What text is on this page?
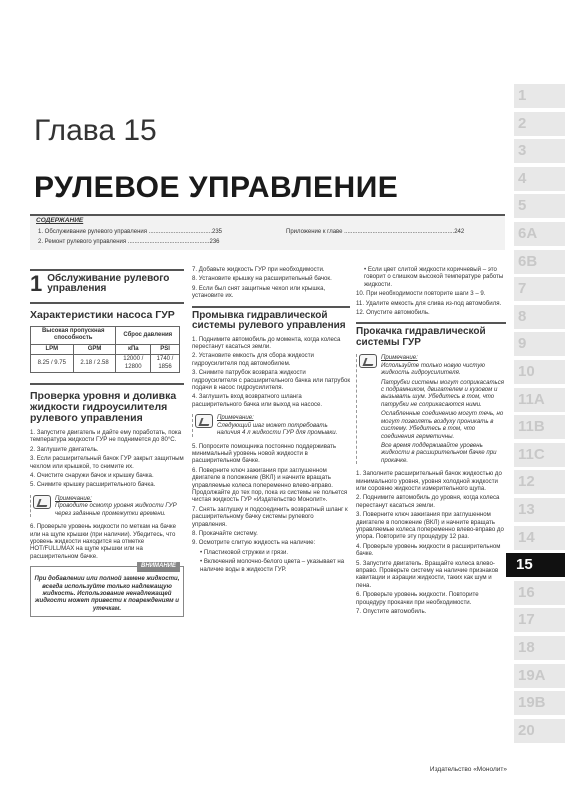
Глава 15
РУЛЕВОЕ УПРАВЛЕНИЕ
СОДЕРЖАНИЕ
1. Обслуживание рулевого управления ......................................235
2. Ремонт рулевого управления .................................................236
Приложение к главе ..................................................................242
1
2
3
4
5
6A
6B
7
8
9
10
11A
11B
11C
12
13
14
15
16
17
18
19A
19B
20
1 Обслуживание рулевого управления
Характеристики насоса ГУР
Высокая пропускная способность		Сброс давления	
LPM	GPM	кПа	PSI
8.25 / 9.75	2.18 / 2.58	12000 / 12800	1740 / 1856
Проверка уровня и доливка жидкости гидроусилителя рулевого управления
1. Запустите двигатель и дайте ему поработать, пока температура жидкости ГУР не поднимется до 80°C.
2. Заглушите двигатель.
3. Если расширительный бачок ГУР закрыт защитным чехлом или крышкой, то снимите их.
4. Очистите снаружи бачок и крышку бачка.
5. Снимите крышку расширительного бачка.
Примечание:
Проводите осмотр уровня жидкости ГУР через заданные промежутки времени.
6. Проверьте уровень жидкости по меткам на бачке или на щупе крышки (при наличии). Убедитесь, что уровень жидкости находится на отметке HOT/FULL/MAX на щупе крышки или на расширительном бачке.
ВНИМАНИЕ
При добавлении или полной замене жидкости, всегда используйте только надлежащую жидкость. Использование ненадлежащей жидкости может привести к повреждениям и утечкам.
7. Добавьте жидкость ГУР при необходимости.
8. Установите крышку на расширительный бачок.
9. Если был снят защитные чехол или крышка, установите их.
Промывка гидравлической системы рулевого управления
1. Поднимите автомобиль до момента, когда колеса перестанут касаться земли.
2. Установите емкость для сбора жидкости гидроусилителя под автомобилем.
3. Снимите патрубок возврата жидкости гидроусилителя с расширительного бачка или патрубок подачи в насос гидроусилителя.
4. Заглушить вход возвратного шланга расширительного бачка или выход на насосе.
Примечание:
Следующий шаг может потребовать наличия 4 л жидкости ГУР для промывки.
5. Попросите помощника постоянно поддерживать минимальный уровень новой жидкости в расширительном бачке.
6. Поверните ключ зажигания при заглушенном двигателе в положение (ВКЛ) и начните вращать управляемые колеса попеременно влево-вправо. Продолжайте до тех пор, пока из системы не польется чистая жидкость ГУР «Издательство Монолит».
7. Снять заглушку и подсоединить возвратный шланг к расширительному бачку системы рулевого управления.
8. Прокачайте систему.
9. Осмотрите слитую жидкость на наличие:
• Пластиковой стружки и грязи.
• Включений молочно-белого цвета – указывает на наличие воды в жидкости ГУР.
• Если цвет слитой жидкости коричневый – это говорит о слишком высокой температуре работы жидкости.
10. При необходимости повторите шаги 3 – 9.
11. Удалите емкость для слива из-под автомобиля.
12. Опустите автомобиль.
Прокачка гидравлической системы ГУР
Примечание:
Используйте только новую чистую жидкость гидроусилителя.
Патрубки системы могут соприкасаться с подрамником, двигателем и кузовом и вызывать шум. Убедитесь в том, что патрубки не соприкасаются ними.
Ослабленные соединению могут течь, но могут позволять воздуху проникать в систему. Убедитесь в том, что соединения герметичны.
Все время поддерживайте уровень жидкости в расширительном бачке при прокачке.
1. Заполните расширительный бачок жидкостью до минимального уровня, уровня холодной жидкости или соровню жидкости измерительного щупа.
2. Поднимите автомобиль до уровня, когда колеса перестанут касаться земли.
3. Поверните ключ зажигания при заглушенном двигателе в положение (ВКЛ) и начните вращать управляемые колеса попеременно влево-вправо до упора. Повторите эту процедуру 12 раз.
4. Проверьте уровень жидкости в расширительном бачке.
5. Запустите двигатель. Вращайте колеса влево-вправо. Проверьте систему на наличие признаков кавитации и аэрации жидкости, таких как шум и пена.
6. Проверьте уровень жидкости. Повторите процедуру прокачки при необходимости.
7. Опустите автомобиль.
Издательство «Монолит»
